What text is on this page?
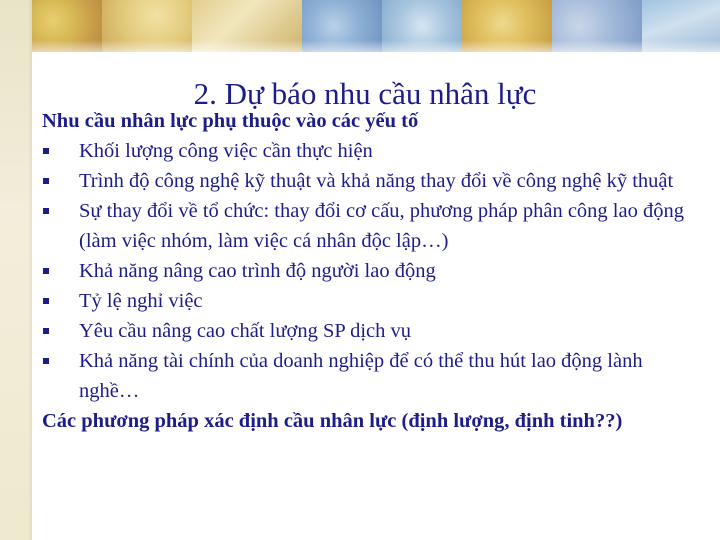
2. Dự báo nhu cầu nhân lực

Nhu cầu nhân lực phụ thuộc vào các yếu tố

Khối lượng công việc cần thực hiện
Trình độ công nghệ kỹ thuật và khả năng thay đổi về công nghệ kỹ thuật
Sự thay đổi về tổ chức: thay đổi cơ cấu, phương pháp phân công lao động (làm việc nhóm, làm việc cá nhân độc lập…)
Khả năng nâng cao trình độ người lao động
Tỷ lệ nghỉ việc
Yêu cầu nâng cao chất lượng SP dịch vụ
Khả năng tài chính của doanh nghiệp để có thể thu hút lao động lành nghề…

Các phương pháp xác định cầu nhân lực (định lượng, định tinh??)
